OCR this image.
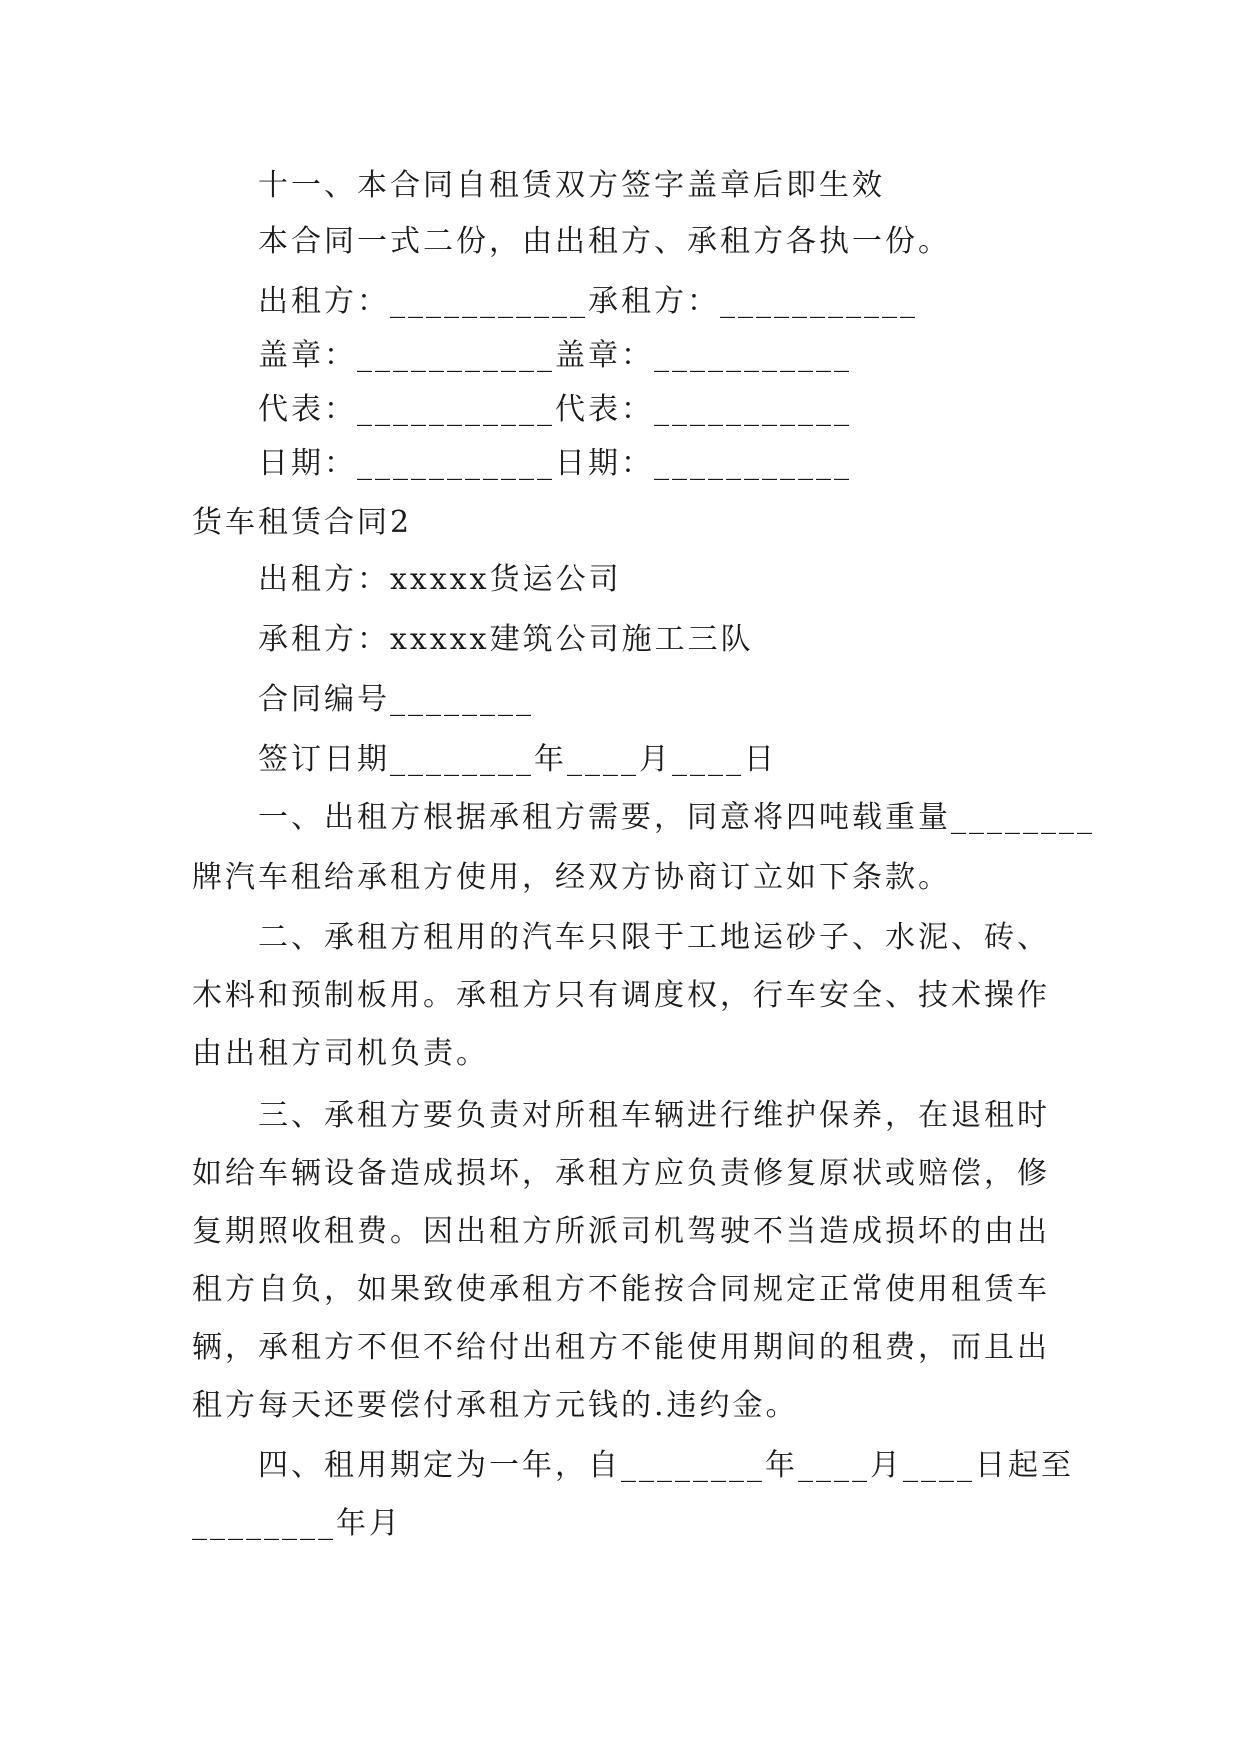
十一、本合同自租赁双方签字盖章后即生效
本合同一式二份，由出租方、承租方各执一份。
出租方：___________承租方：___________
盖章：___________盖章：___________
代表：___________代表：___________
日期：___________日期：___________
货车租赁合同2
出租方：xxxxx货运公司
承租方：xxxxx建筑公司施工三队
合同编号________
签订日期________年____月____日
一、出租方根据承租方需要，同意将四吨载重量________
牌汽车租给承租方使用，经双方协商订立如下条款。
二、承租方租用的汽车只限于工地运砂子、水泥、砖、
木料和预制板用。承租方只有调度权，行车安全、技术操作
由出租方司机负责。
三、承租方要负责对所租车辆进行维护保养，在退租时
如给车辆设备造成损坏，承租方应负责修复原状或赔偿，修
复期照收租费。因出租方所派司机驾驶不当造成损坏的由出
租方自负，如果致使承租方不能按合同规定正常使用租赁车
辆，承租方不但不给付出租方不能使用期间的租费，而且出
租方每天还要偿付承租方元钱的.违约金。
四、租用期定为一年，自________年____月____日起至
________年月
